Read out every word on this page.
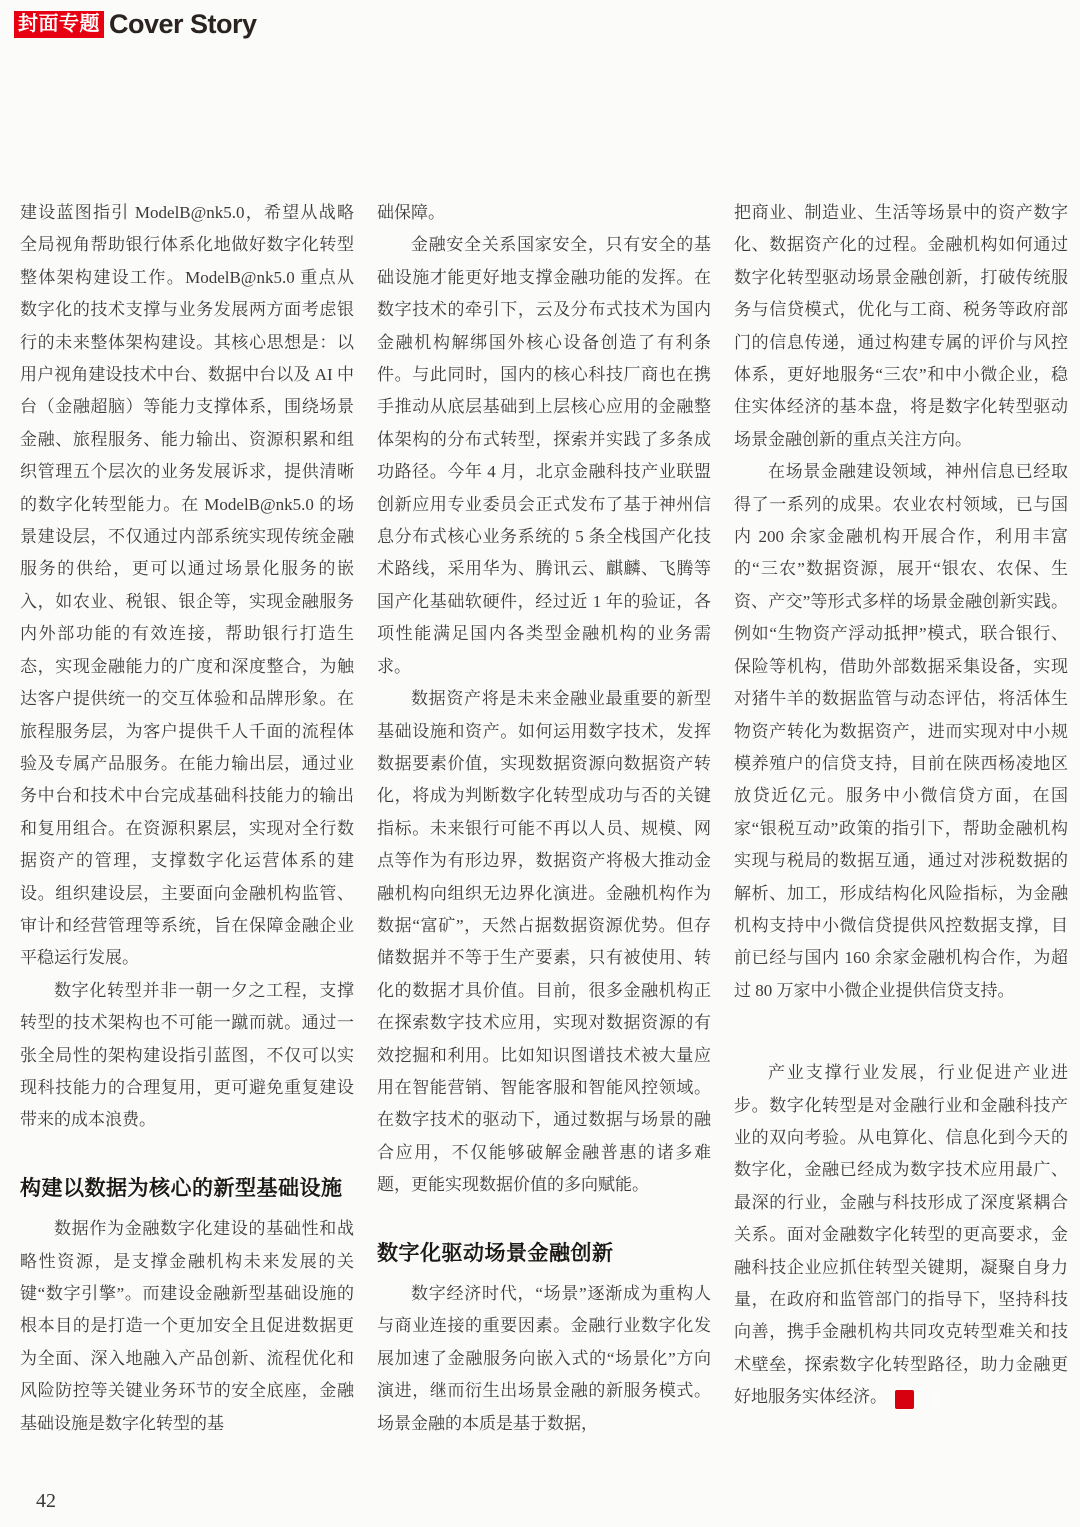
封面专题 Cover Story

建设蓝图指引 ModelB@nk5.0，希望从战略全局视角帮助银行体系化地做好数字化转型整体架构建设工作。ModelB@nk5.0 重点从数字化的技术支撑与业务发展两方面考虑银行的未来整体架构建设。其核心思想是：以用户视角建设技术中台、数据中台以及 AI 中台（金融超脑）等能力支撑体系，围绕场景金融、旅程服务、能力输出、资源积累和组织管理五个层次的业务发展诉求，提供清晰的数字化转型能力。在 ModelB@nk5.0 的场景建设层，不仅通过内部系统实现传统金融服务的供给，更可以通过场景化服务的嵌入，如农业、税银、银企等，实现金融服务内外部功能的有效连接，帮助银行打造生态，实现金融能力的广度和深度整合，为触达客户提供统一的交互体验和品牌形象。在旅程服务层，为客户提供千人千面的流程体验及专属产品服务。在能力输出层，通过业务中台和技术中台完成基础科技能力的输出和复用组合。在资源积累层，实现对全行数据资产的管理，支撑数字化运营体系的建设。组织建设层，主要面向金融机构监管、审计和经营管理等系统，旨在保障金融企业平稳运行发展。

数字化转型并非一朝一夕之工程，支撑转型的技术架构也不可能一蹴而就。通过一张全局性的架构建设指引蓝图，不仅可以实现科技能力的合理复用，更可避免重复建设带来的成本浪费。

构建以数据为核心的新型基础设施

数据作为金融数字化建设的基础性和战略性资源，是支撑金融机构未来发展的关键“数字引擎”。而建设金融新型基础设施的根本目的是打造一个更加安全且促进数据更为全面、深入地融入产品创新、流程优化和风险防控等关键业务环节的安全底座，金融基础设施是数字化转型的基

础保障。

金融安全关系国家安全，只有安全的基础设施才能更好地支撑金融功能的发挥。在数字技术的牵引下，云及分布式技术为国内金融机构解绑国外核心设备创造了有利条件。与此同时，国内的核心科技厂商也在携手推动从底层基础到上层核心应用的金融整体架构的分布式转型，探索并实践了多条成功路径。今年 4 月，北京金融科技产业联盟创新应用专业委员会正式发布了基于神州信息分布式核心业务系统的 5 条全栈国产化技术路线，采用华为、腾讯云、麒麟、飞腾等国产化基础软硬件，经过近 1 年的验证，各项性能满足国内各类型金融机构的业务需求。

数据资产将是未来金融业最重要的新型基础设施和资产。如何运用数字技术，发挥数据要素价值，实现数据资源向数据资产转化，将成为判断数字化转型成功与否的关键指标。未来银行可能不再以人员、规模、网点等作为有形边界，数据资产将极大推动金融机构向组织无边界化演进。金融机构作为数据“富矿”，天然占据数据资源优势。但存储数据并不等于生产要素，只有被使用、转化的数据才具价值。目前，很多金融机构正在探索数字技术应用，实现对数据资源的有效挖掘和利用。比如知识图谱技术被大量应用在智能营销、智能客服和智能风控领域。在数字技术的驱动下，通过数据与场景的融合应用，不仅能够破解金融普惠的诸多难题，更能实现数据价值的多向赋能。

数字化驱动场景金融创新

数字经济时代，“场景”逐渐成为重构人与商业连接的重要因素。金融行业数字化发展加速了金融服务向嵌入式的“场景化”方向演进，继而衍生出场景金融的新服务模式。场景金融的本质是基于数据，

把商业、制造业、生活等场景中的资产数字化、数据资产化的过程。金融机构如何通过数字化转型驱动场景金融创新，打破传统服务与信贷模式，优化与工商、税务等政府部门的信息传递，通过构建专属的评价与风控体系，更好地服务“三农”和中小微企业，稳住实体经济的基本盘，将是数字化转型驱动场景金融创新的重点关注方向。

在场景金融建设领域，神州信息已经取得了一系列的成果。农业农村领域，已与国内 200 余家金融机构开展合作，利用丰富的“三农”数据资源，展开“银农、农保、生资、产交”等形式多样的场景金融创新实践。例如“生物资产浮动抵押”模式，联合银行、保险等机构，借助外部数据采集设备，实现对猪牛羊的数据监管与动态评估，将活体生物资产转化为数据资产，进而实现对中小规模养殖户的信贷支持，目前在陕西杨凌地区放贷近亿元。服务中小微信贷方面，在国家“银税互动”政策的指引下，帮助金融机构实现与税局的数据互通，通过对涉税数据的解析、加工，形成结构化风险指标，为金融机构支持中小微信贷提供风控数据支撑，目前已经与国内 160 余家金融机构合作，为超过 80 万家中小微企业提供信贷支持。

产业支撑行业发展，行业促进产业进步。数字化转型是对金融行业和金融科技产业的双向考验。从电算化、信息化到今天的数字化，金融已经成为数字技术应用最广、最深的行业，金融与科技形成了深度紧耦合关系。面对金融数字化转型的更高要求，金融科技企业应抓住转型关键期，凝聚自身力量，在政府和监管部门的指导下，坚持科技向善，携手金融机构共同攻克转型难关和技术壁垒，探索数字化转型路径，助力金融更好地服务实体经济。	金

42
